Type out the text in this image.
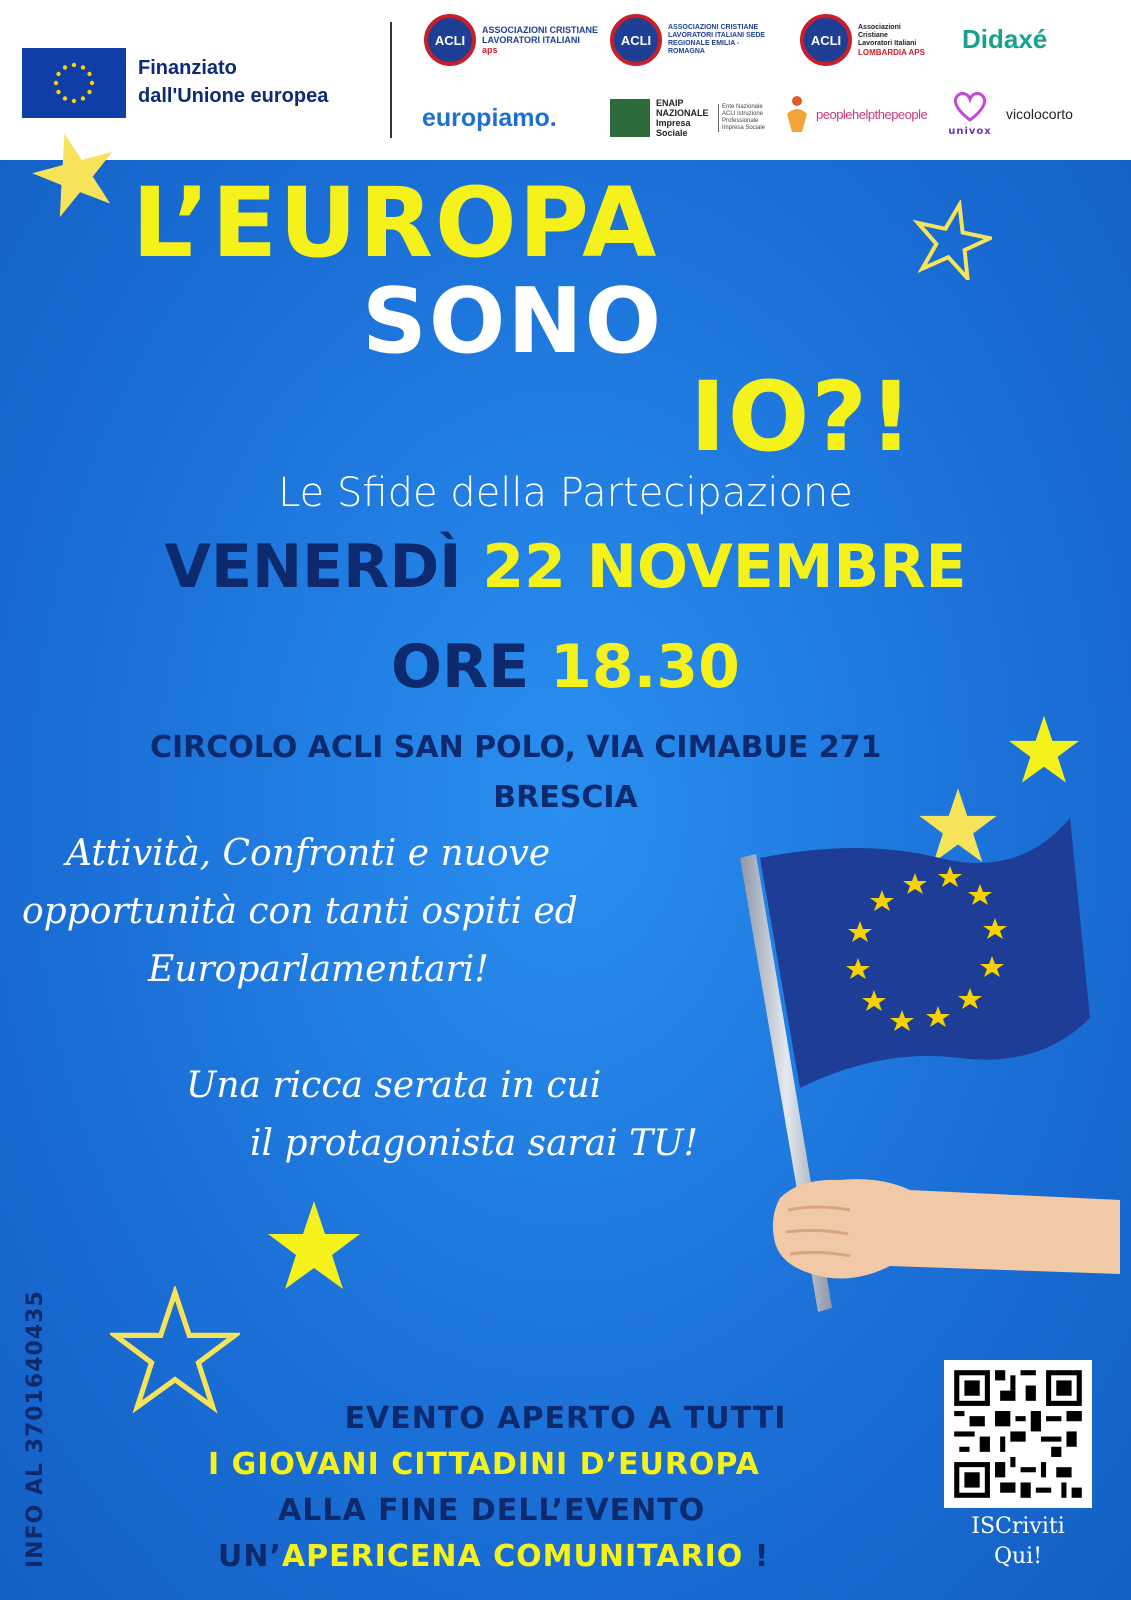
Finanziato
dall'Unione europea
ACLI
ASSOCIAZIONI CRISTIANE LAVORATORI ITALIANI
aps
ACLI
ASSOCIAZIONI CRISTIANE LAVORATORI ITALIANI SEDE REGIONALE EMILIA - ROMAGNA
ACLI
Associazioni Cristiane Lavoratori Italiani
LOMBARDIA APS Didaxé
europiamo.
ENAIP NAZIONALE Impresa Sociale
Ente Nazionale ACLI Istruzione Professionale Impresa Sociale
peoplehelpthepeople
univox
vicolocorto
L’EUROPA
SONO
IO?!
Le Sfide della Partecipazione
VENERDÌ 22 NOVEMBRE
ORE 18.30
CIRCOLO ACLI SAN POLO, VIA CIMABUE 271
BRESCIA
Attività, Confronti e nuove
opportunità con tanti ospiti ed
Europarlamentari!
Una ricca serata in cui
il protagonista sarai TU!
ISCriviti
Qui!
INFO AL 3701640435	EVENTO APERTO A TUTTI
I GIOVANI CITTADINI D’EUROPA
ALLA FINE DELL’EVENTO
UN’APERICENA COMUNITARIO !
